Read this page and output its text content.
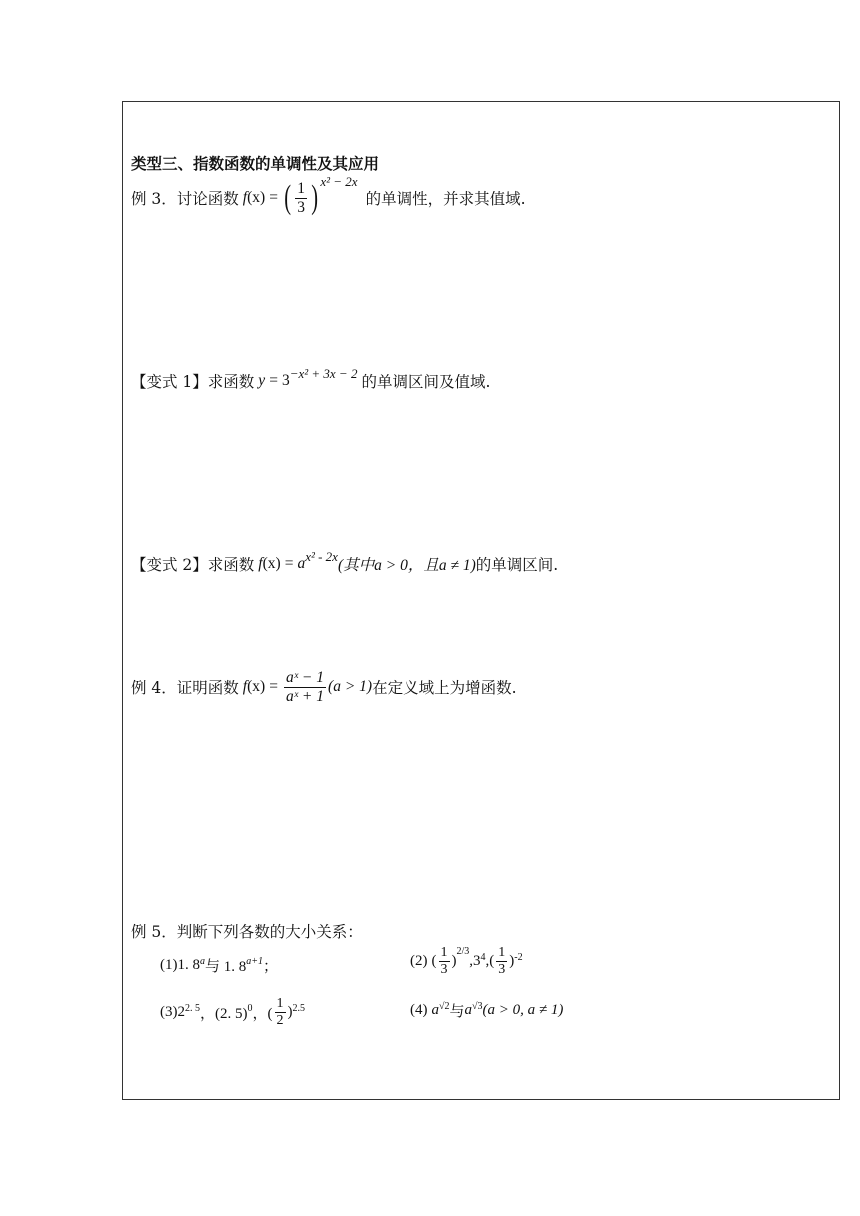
类型三、指数函数的单调性及其应用
例 3．讨论函数 f (x) = ( $\frac{1}{3}$ ) x² − 2x
的单调性，并求其值域.
【变式 1】求函数 y = 3 −x² + 3x − 2 的单调区间及值域.
【变式 2】求函数 f (x) = a x² - 2x
(其中a > 0，且a ≠ 1) 的单调区间.
例 4．证明函数 f $(x) = \frac{\text{aˣ − 1}}{\text{aˣ + 1}} (a > 1)$ 在定义域上为增函数.
例 5．判断下列各数的大小关系：
(1) 1. 8$^a$ 与 1. $8^{a+1}$ ；	(2) ( $\frac{1}{3}$ )
$^{2/3}$
$,3^4$ ,( $\frac{1}{3} )^{-2}$
(3) $2^{2. 5}$ ，(2. 5)$^0$ ，( $\frac{1}{2} )^{2.5}$	(4) $a^{√2}$ 与 $a^{√3}$ (a > 0, a ≠ 1)
